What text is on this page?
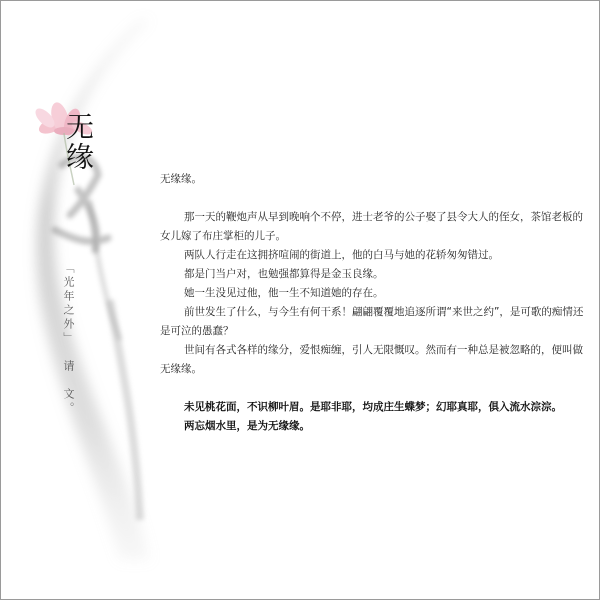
无缘
「光年之外」请文。

无缘缘。

那一天的鞭炮声从早到晚响个不停，进士老爷的公子娶了县令大人的侄女，茶馆老板的女儿嫁了布庄掌柜的儿子。

两队人行走在这拥挤喧闹的街道上，他的白马与她的花轿匆匆错过。

都是门当户对，也勉强都算得是金玉良缘。

她一生没见过他，他一生不知道她的存在。

前世发生了什么，与今生有何干系！翩翩覆覆地追逐所谓“来世之约”，是可歌的痴情还是可泣的愚蠢？

世间有各式各样的缘分，爱恨痴缠，引人无限慨叹。然而有一种总是被忽略的，便叫做无缘缘。

未见桃花面，不识柳叶眉。是耶非耶，均成庄生蝶梦；幻耶真耶，俱入流水淙淙。

两忘烟水里，是为无缘缘。
